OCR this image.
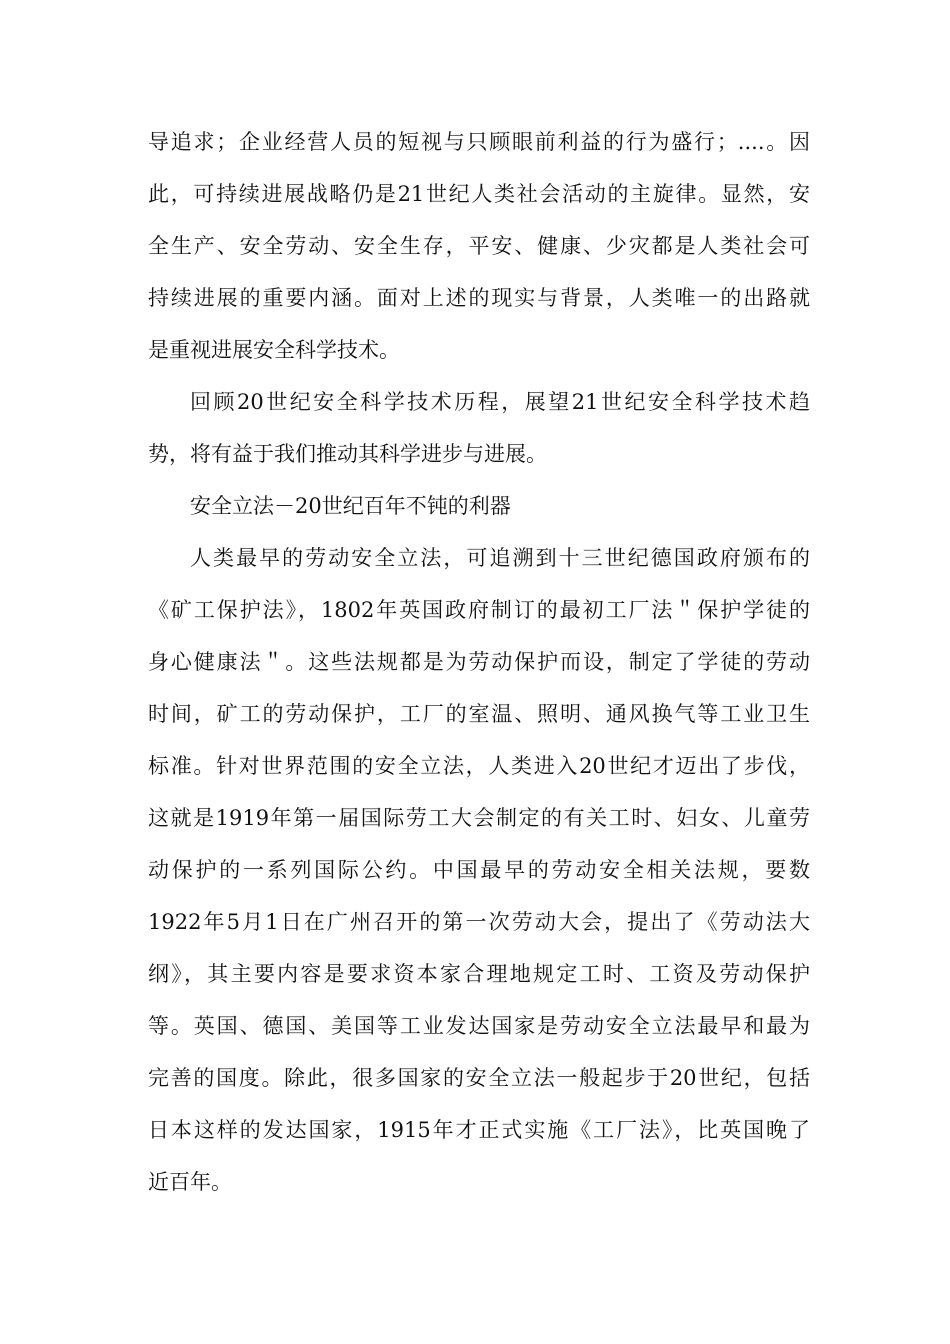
导追求；企业经营人员的短视与只顾眼前利益的行为盛行；....。因
此，可持续进展战略仍是21世纪人类社会活动的主旋律。显然，安
全生产、安全劳动、安全生存，平安、健康、少灾都是人类社会可
持续进展的重要内涵。面对上述的现实与背景，人类唯一的出路就
是重视进展安全科学技术。
回顾20世纪安全科学技术历程，展望21世纪安全科学技术趋
势，将有益于我们推动其科学进步与进展。
安全立法－20世纪百年不钝的利器
人类最早的劳动安全立法，可追溯到十三世纪德国政府颁布的
《矿工保护法》，1802年英国政府制订的最初工厂法＂保护学徒的
身心健康法＂。这些法规都是为劳动保护而设，制定了学徒的劳动
时间，矿工的劳动保护，工厂的室温、照明、通风换气等工业卫生
标准。针对世界范围的安全立法，人类进入20世纪才迈出了步伐，
这就是1919年第一届国际劳工大会制定的有关工时、妇女、儿童劳
动保护的一系列国际公约。中国最早的劳动安全相关法规，要数
1922年5月1日在广州召开的第一次劳动大会，提出了《劳动法大
纲》，其主要内容是要求资本家合理地规定工时、工资及劳动保护
等。英国、德国、美国等工业发达国家是劳动安全立法最早和最为
完善的国度。除此，很多国家的安全立法一般起步于20世纪，包括
日本这样的发达国家，1915年才正式实施《工厂法》，比英国晚了
近百年。
